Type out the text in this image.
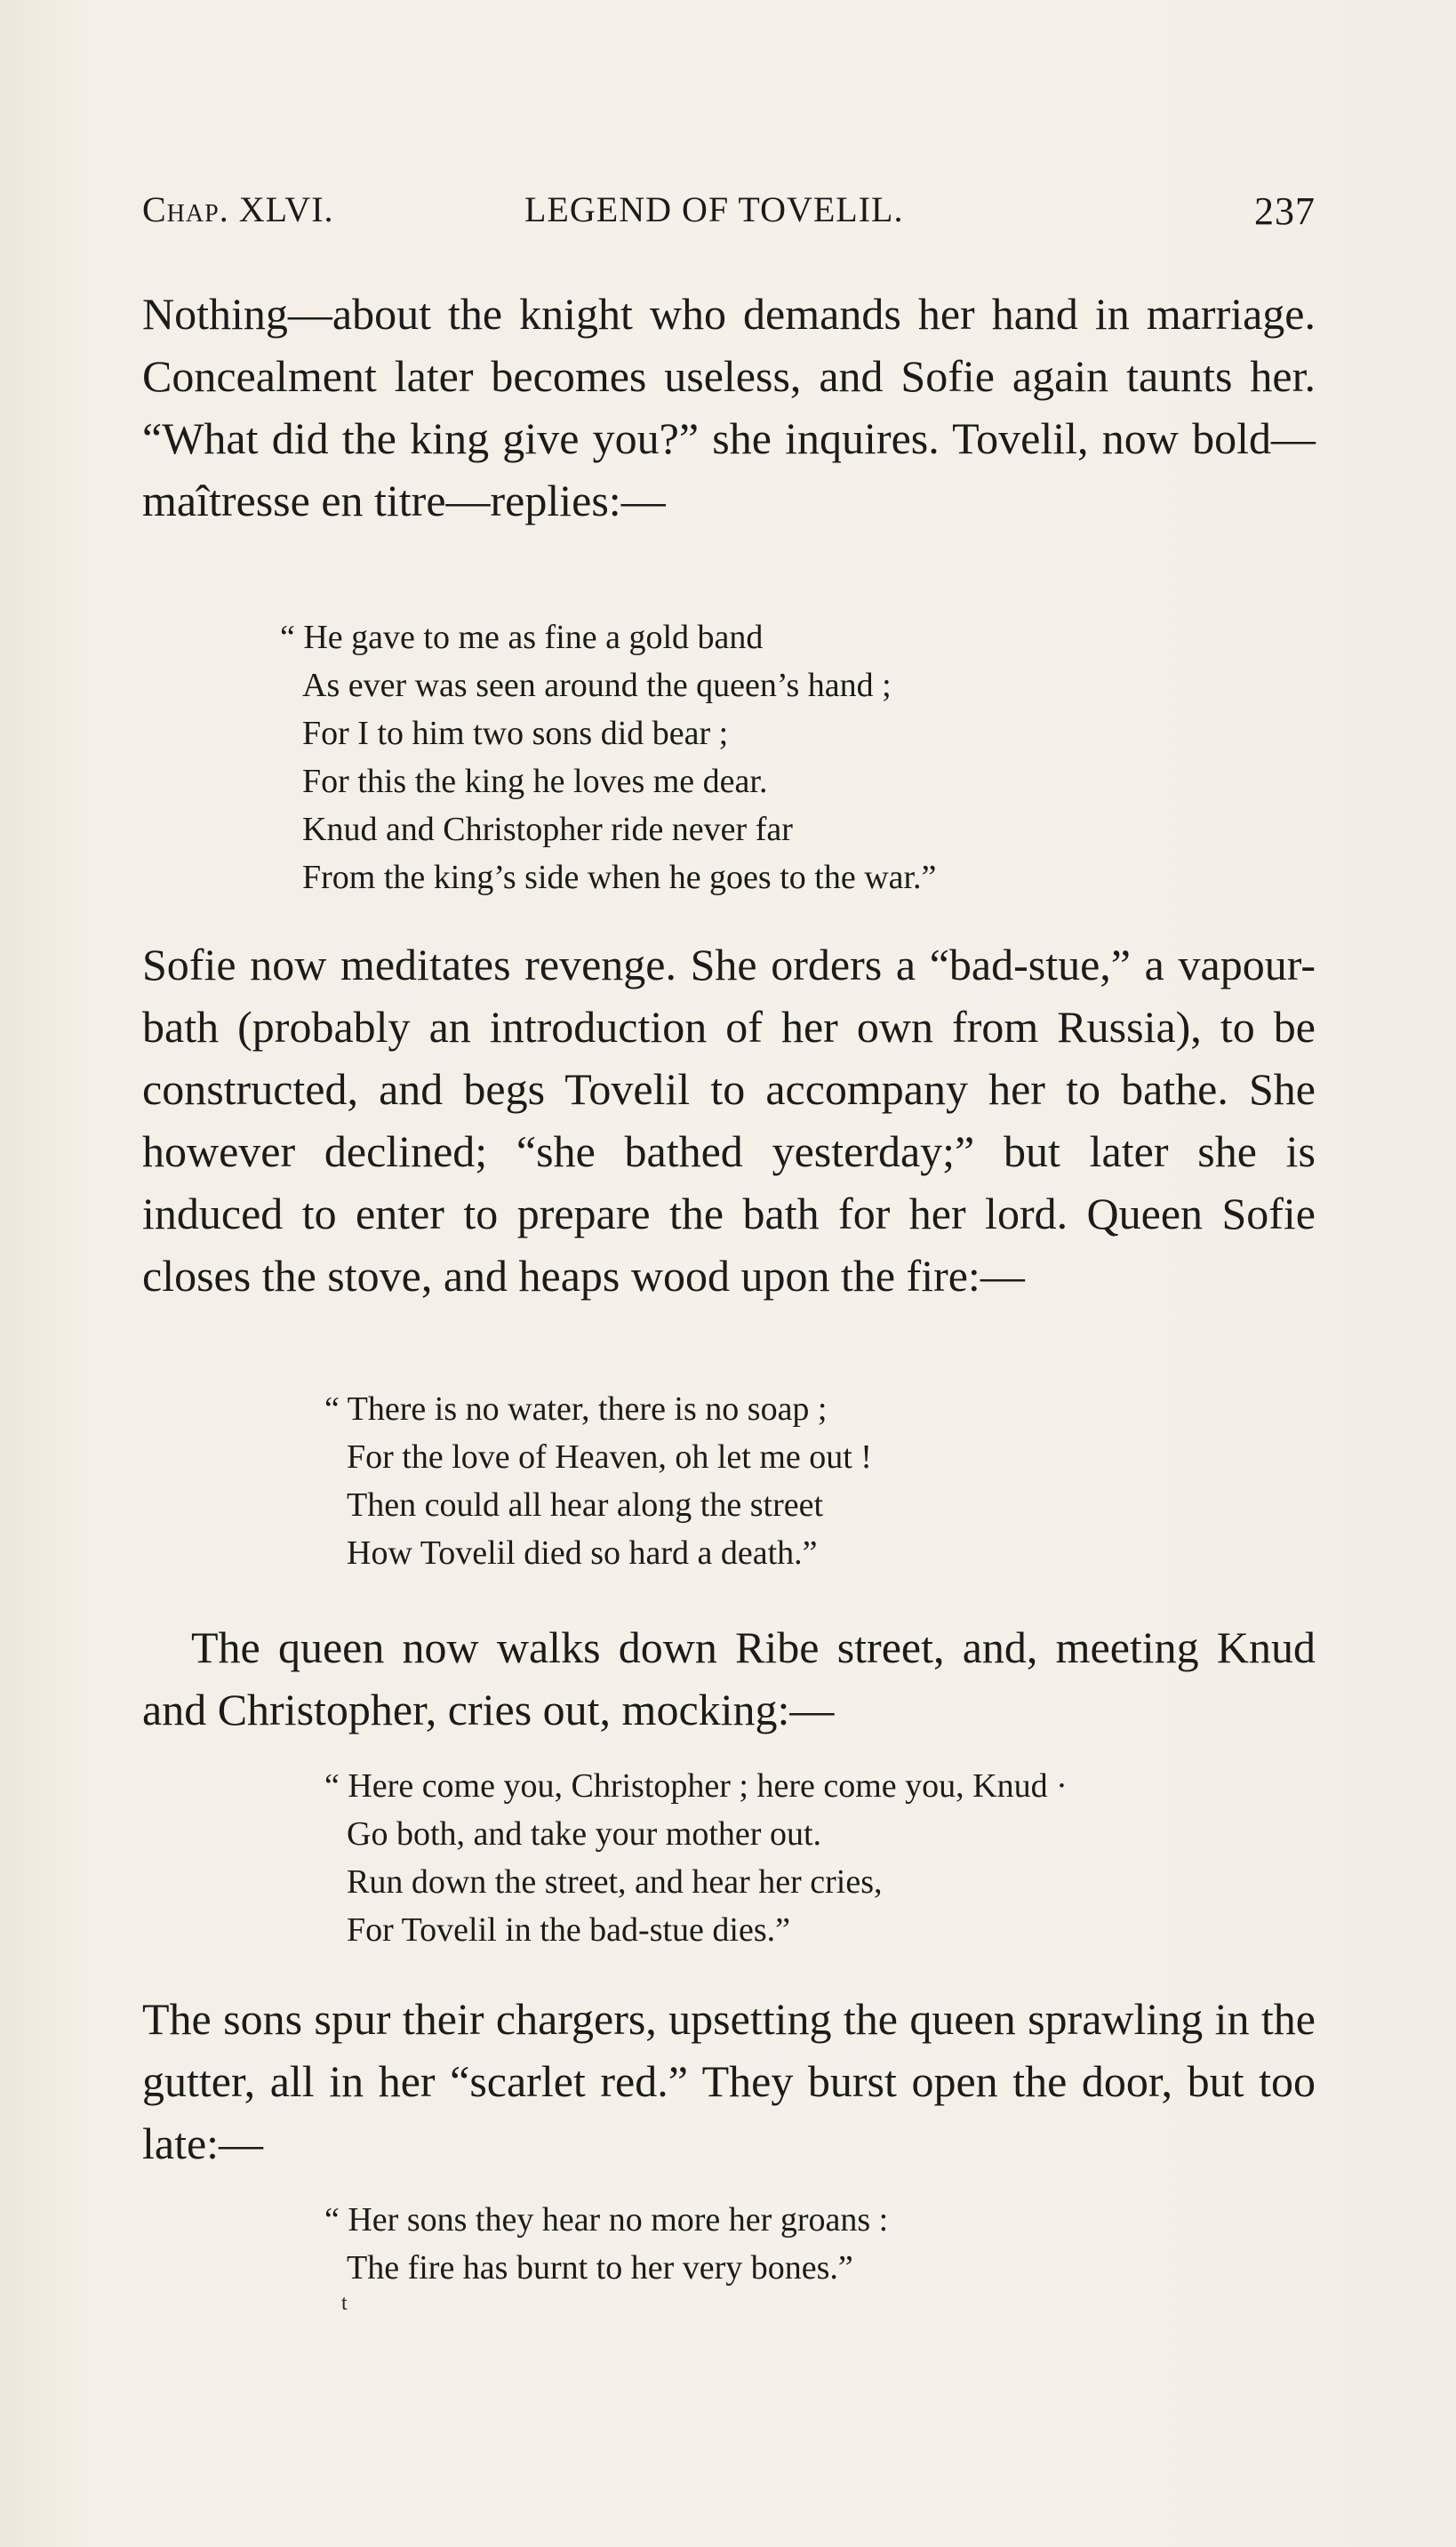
Chap. XLVI.	LEGEND OF TOVELIL.	237

Nothing—about the knight who demands her hand in marriage. Concealment later becomes useless, and Sofie again taunts her. “What did the king give you?” she inquires. Tovelil, now bold—maîtresse en titre—replies:—

“ He gave to me as fine a gold band
As ever was seen around the queen’s hand ;
For I to him two sons did bear ;
For this the king he loves me dear.
Knud and Christopher ride never far
From the king’s side when he goes to the war.”

Sofie now meditates revenge. She orders a “bad-stue,” a vapour-bath (probably an introduction of her own from Russia), to be constructed, and begs Tovelil to accompany her to bathe. She however declined; “she bathed yesterday;” but later she is induced to enter to prepare the bath for her lord. Queen Sofie closes the stove, and heaps wood upon the fire:—

“ There is no water, there is no soap ;
For the love of Heaven, oh let me out !
Then could all hear along the street
How Tovelil died so hard a death.”

The queen now walks down Ribe street, and, meeting Knud and Christopher, cries out, mocking:—

“ Here come you, Christopher ; here come you, Knud ·
Go both, and take your mother out.
Run down the street, and hear her cries,
For Tovelil in the bad-stue dies.”

The sons spur their chargers, upsetting the queen sprawling in the gutter, all in her “scarlet red.” They burst open the door, but too late:—

“ Her sons they hear no more her groans :
The fire has burnt to her very bones.”
t
